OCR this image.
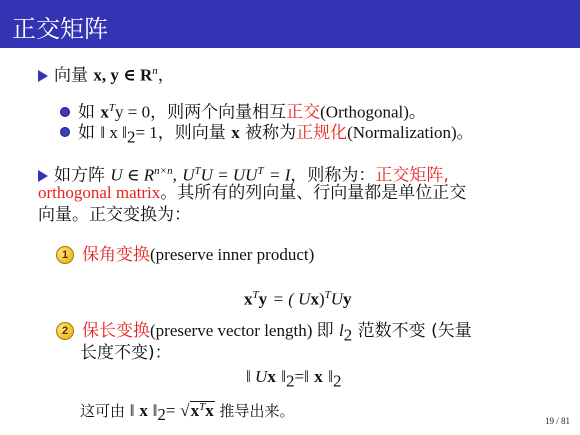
正交矩阵
向量 x, y ∈ $R^n$，
如 $x^Ty = 0$，则两个向量相互正交(Orthogonal)。
如 ‖ x $‖_2= 1$，则向量 x 被称为正规化(Normalization)。
如方阵 U ∈ $R^{n\times n}$, $U^TU = UU^T = I$，则称为：正交矩阵,
orthogonal matrix。其所有的列向量、行向量都是单位正交
向量。正交变换为：
1 保角变换(preserve inner product)
$x^Ty$ = ( Ux)$^T$Uy
2 保长变换(preserve vector length) 即 $l_2$ 范数不变 (矢量
长度不变)：
‖ Ux $‖_2=‖$ x $‖_2$
这可由 ‖ x $‖_2= √x^Tx$ 推导出来。
19 / 81
